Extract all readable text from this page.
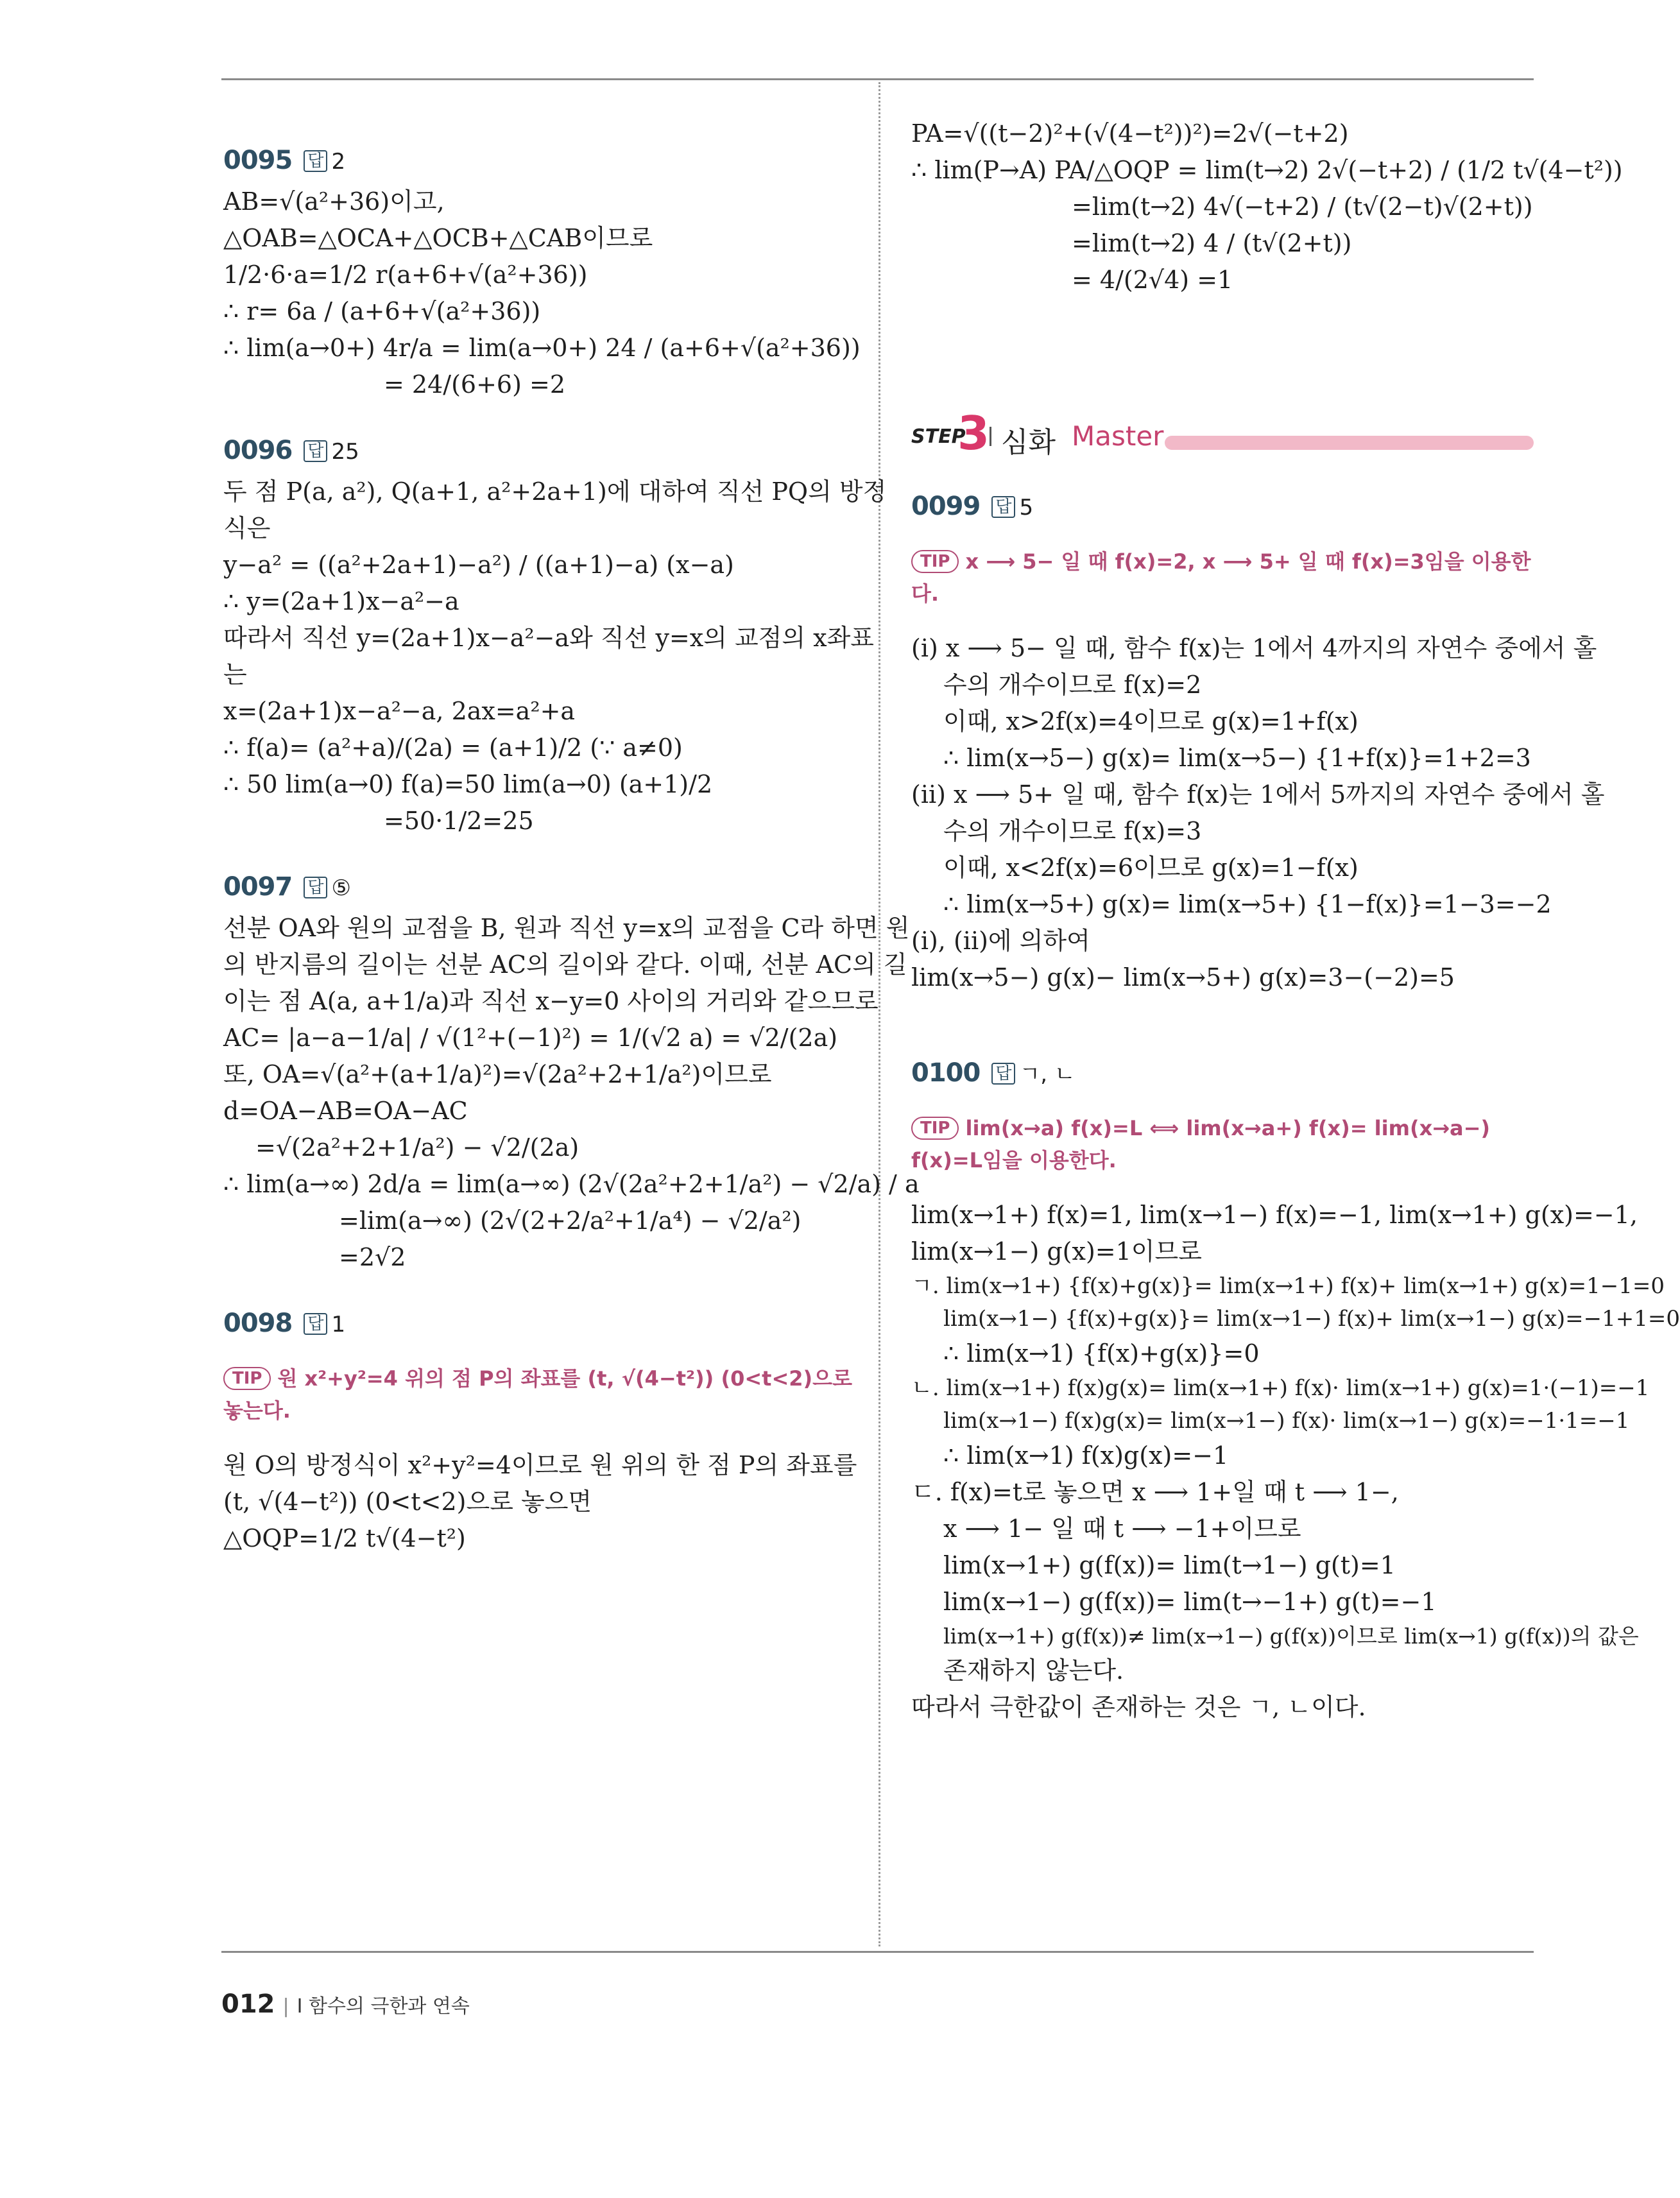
0095 답 2

AB=√(a²+36)이고,

△OAB=△OCA+△OCB+△CAB이므로

1/2·6·a=1/2 r(a+6+√(a²+36))

∴ r= 6a / (a+6+√(a²+36))

∴ lim(a→0+) 4r/a = lim(a→0+) 24 / (a+6+√(a²+36))

= 24/(6+6) =2

0096 답 25

두 점 P(a, a²), Q(a+1, a²+2a+1)에 대하여 직선 PQ의 방정

식은

y−a² = ((a²+2a+1)−a²) / ((a+1)−a) (x−a)

∴ y=(2a+1)x−a²−a

따라서 직선 y=(2a+1)x−a²−a와 직선 y=x의 교점의 x좌표

는

x=(2a+1)x−a²−a, 2ax=a²+a

∴ f(a)= (a²+a)/(2a) = (a+1)/2 (∵ a≠0)

∴ 50 lim(a→0) f(a)=50 lim(a→0) (a+1)/2

=50·1/2=25

0097 답 ⑤

선분 OA와 원의 교점을 B, 원과 직선 y=x의 교점을 C라 하면 원

의 반지름의 길이는 선분 AC의 길이와 같다. 이때, 선분 AC의 길

이는 점 A(a, a+1/a)과 직선 x−y=0 사이의 거리와 같으므로

AC= |a−a−1/a| / √(1²+(−1)²) = 1/(√2 a) = √2/(2a)

또, OA=√(a²+(a+1/a)²)=√(2a²+2+1/a²)이므로

d=OA−AB=OA−AC

=√(2a²+2+1/a²) − √2/(2a)

∴ lim(a→∞) 2d/a = lim(a→∞) (2√(2a²+2+1/a²) − √2/a) / a

=lim(a→∞) (2√(2+2/a²+1/a⁴) − √2/a²)

=2√2

0098 답 1

TIP 원 x²+y²=4 위의 점 P의 좌표를 (t, √(4−t²)) (0<t<2)으로 놓는다.

원 O의 방정식이 x²+y²=4이므로 원 위의 한 점 P의 좌표를

(t, √(4−t²)) (0<t<2)으로 놓으면

△OQP=1/2 t√(4−t²)

PA=√((t−2)²+(√(4−t²))²)=2√(−t+2)

∴ lim(P→A) PA/△OQP = lim(t→2) 2√(−t+2) / (1/2 t√(4−t²))

=lim(t→2) 4√(−t+2) / (t√(2−t)√(2+t))

=lim(t→2) 4 / (t√(2+t))

= 4/(2√4) =1

STEP
3 심화 Master
0099 답 5

TIP x ⟶ 5− 일 때 f(x)=2, x ⟶ 5+ 일 때 f(x)=3임을 이용한다.

(i) x ⟶ 5− 일 때, 함수 f(x)는 1에서 4까지의 자연수 중에서 홀

수의 개수이므로 f(x)=2

이때, x>2f(x)=4이므로 g(x)=1+f(x)

∴ lim(x→5−) g(x)= lim(x→5−) {1+f(x)}=1+2=3

(ii) x ⟶ 5+ 일 때, 함수 f(x)는 1에서 5까지의 자연수 중에서 홀

수의 개수이므로 f(x)=3

이때, x<2f(x)=6이므로 g(x)=1−f(x)

∴ lim(x→5+) g(x)= lim(x→5+) {1−f(x)}=1−3=−2

(i), (ii)에 의하여

lim(x→5−) g(x)− lim(x→5+) g(x)=3−(−2)=5

0100 답 ㄱ, ㄴ

TIP lim(x→a) f(x)=L ⟺ lim(x→a+) f(x)= lim(x→a−) f(x)=L임을 이용한다.

lim(x→1+) f(x)=1, lim(x→1−) f(x)=−1, lim(x→1+) g(x)=−1,

lim(x→1−) g(x)=1이므로

ㄱ. lim(x→1+) {f(x)+g(x)}= lim(x→1+) f(x)+ lim(x→1+) g(x)=1−1=0

lim(x→1−) {f(x)+g(x)}= lim(x→1−) f(x)+ lim(x→1−) g(x)=−1+1=0

∴ lim(x→1) {f(x)+g(x)}=0

ㄴ. lim(x→1+) f(x)g(x)= lim(x→1+) f(x)· lim(x→1+) g(x)=1·(−1)=−1

lim(x→1−) f(x)g(x)= lim(x→1−) f(x)· lim(x→1−) g(x)=−1·1=−1

∴ lim(x→1) f(x)g(x)=−1

ㄷ. f(x)=t로 놓으면 x ⟶ 1+일 때 t ⟶ 1−,

x ⟶ 1− 일 때 t ⟶ −1+이므로

lim(x→1+) g(f(x))= lim(t→1−) g(t)=1

lim(x→1−) g(f(x))= lim(t→−1+) g(t)=−1

lim(x→1+) g(f(x))≠ lim(x→1−) g(f(x))이므로 lim(x→1) g(f(x))의 값은

존재하지 않는다.

따라서 극한값이 존재하는 것은 ㄱ, ㄴ이다.

012 | Ⅰ 함수의 극한과 연속
